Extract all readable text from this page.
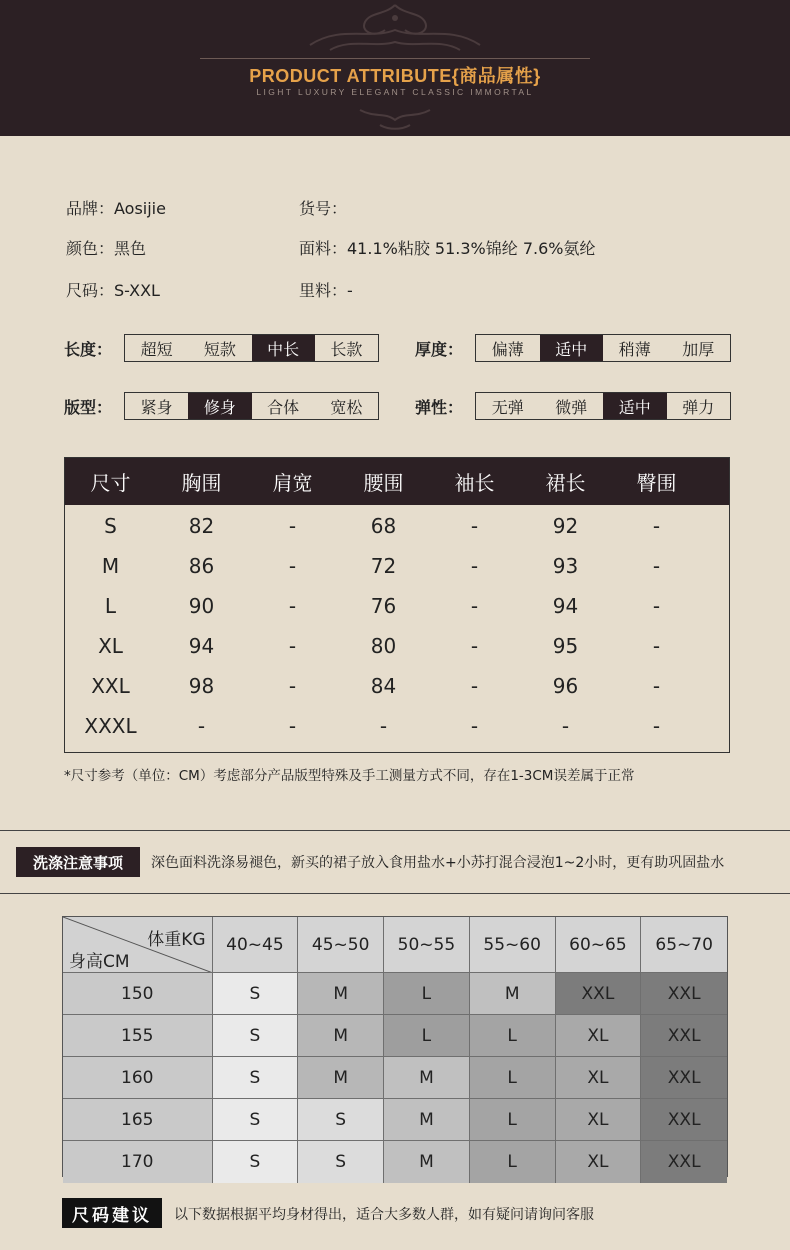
PRODUCT ATTRIBUTE{商品属性}
LIGHT LUXURY ELEGANT CLASSIC IMMORTAL
品牌：Aosijie	货号：
颜色：黑色	面料：41.1%粘胶 51.3%锦纶 7.6%氨纶
尺码：S-XXL	里料：-
长度：	超短	短款	中长	长款	厚度：	偏薄	适中	稍薄	加厚
版型：	紧身	修身	合体	宽松	弹性：	无弹	微弹	适中	弹力
尺寸	胸围	肩宽	腰围	袖长	裙长	臀围
S	82	-	68	-	92	-
M	86	-	72	-	93	-
L	90	-	76	-	94	-
XL	94	-	80	-	95	-
XXL	98	-	84	-	96	-
XXXL	-	-	-	-	-	-
*尺寸参考（单位：CM）考虑部分产品版型特殊及手工测量方式不同，存在1-3CM误差属于正常
洗涤注意事项	深色面料洗涤易褪色，新买的裙子放入食用盐水+小苏打混合浸泡1~2小时，更有助巩固盐水
体重KG
身高CM
40~45	45~50	50~55	55~60	60~65	65~70
150	S	M	L	M	XXL	XXL
155	S	M	L	L	XL	XXL
160	S	M	M	L	XL	XXL
165	S	S	M	L	XL	XXL
170	S	S	M	L	XL	XXL
尺码建议	以下数据根据平均身材得出，适合大多数人群，如有疑问请询问客服
